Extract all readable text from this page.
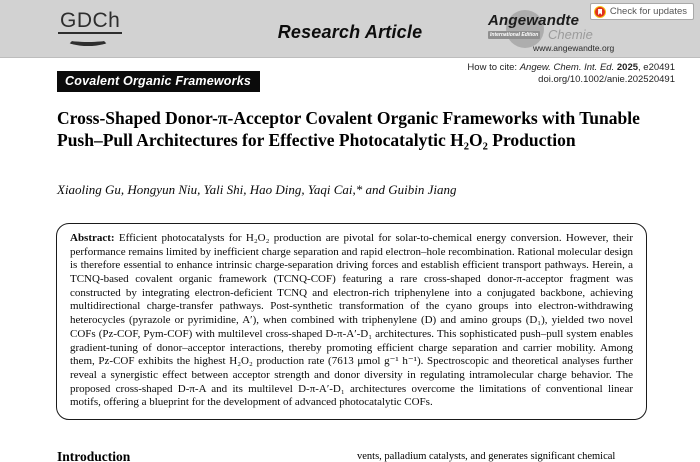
GDCh	Research Article
Angewandte
International Edition Chemie
www.angewandte.org
Check for updates
How to cite: Angew. Chem. Int. Ed. 2025, e20491
doi.org/10.1002/anie.202520491
Covalent Organic Frameworks
Cross-Shaped Donor-π-Acceptor Covalent Organic Frameworks with Tunable Push–Pull Architectures for Effective Photocatalytic H₂O₂ Production
Xiaoling Gu, Hongyun Niu, Yali Shi, Hao Ding, Yaqi Cai,* and Guibin Jiang

Abstract: Efficient photocatalysts for H₂O₂ production are pivotal for solar-to-chemical energy conversion. However, their performance remains limited by inefficient charge separation and rapid electron–hole recombination. Rational molecular design is therefore essential to enhance intrinsic charge-separation driving forces and establish efficient transport pathways. Herein, a TCNQ-based covalent organic framework (TCNQ-COF) featuring a rare cross-shaped donor-π-acceptor fragment was constructed by integrating electron-deficient TCNQ and electron-rich triphenylene into a conjugated backbone, achieving multidirectional charge-transfer pathways. Post-synthetic transformation of the cyano groups into electron-withdrawing heterocycles (pyrazole or pyrimidine, A′), when combined with triphenylene (D) and amino groups (D₁), yielded two novel COFs (Pz-COF, Pym-COF) with multilevel cross-shaped D-π-A′-D₁ architectures. This sophisticated push–pull system enables gradient-tuning of donor–acceptor interactions, thereby promoting efficient charge separation and carrier mobility. Among them, Pz-COF exhibits the highest H₂O₂ production rate (7613 μmol g⁻¹ h⁻¹). Spectroscopic and theoretical analyses further reveal a synergistic effect between acceptor strength and donor diversity in regulating intramolecular charge behavior. The proposed cross-shaped D-π-A and its multilevel D-π-A′-D₁ architectures overcome the limitations of conventional linear motifs, offering a blueprint for the development of advanced photocatalytic COFs.

Introduction	vents, palladium catalysts, and generates significant chemical
